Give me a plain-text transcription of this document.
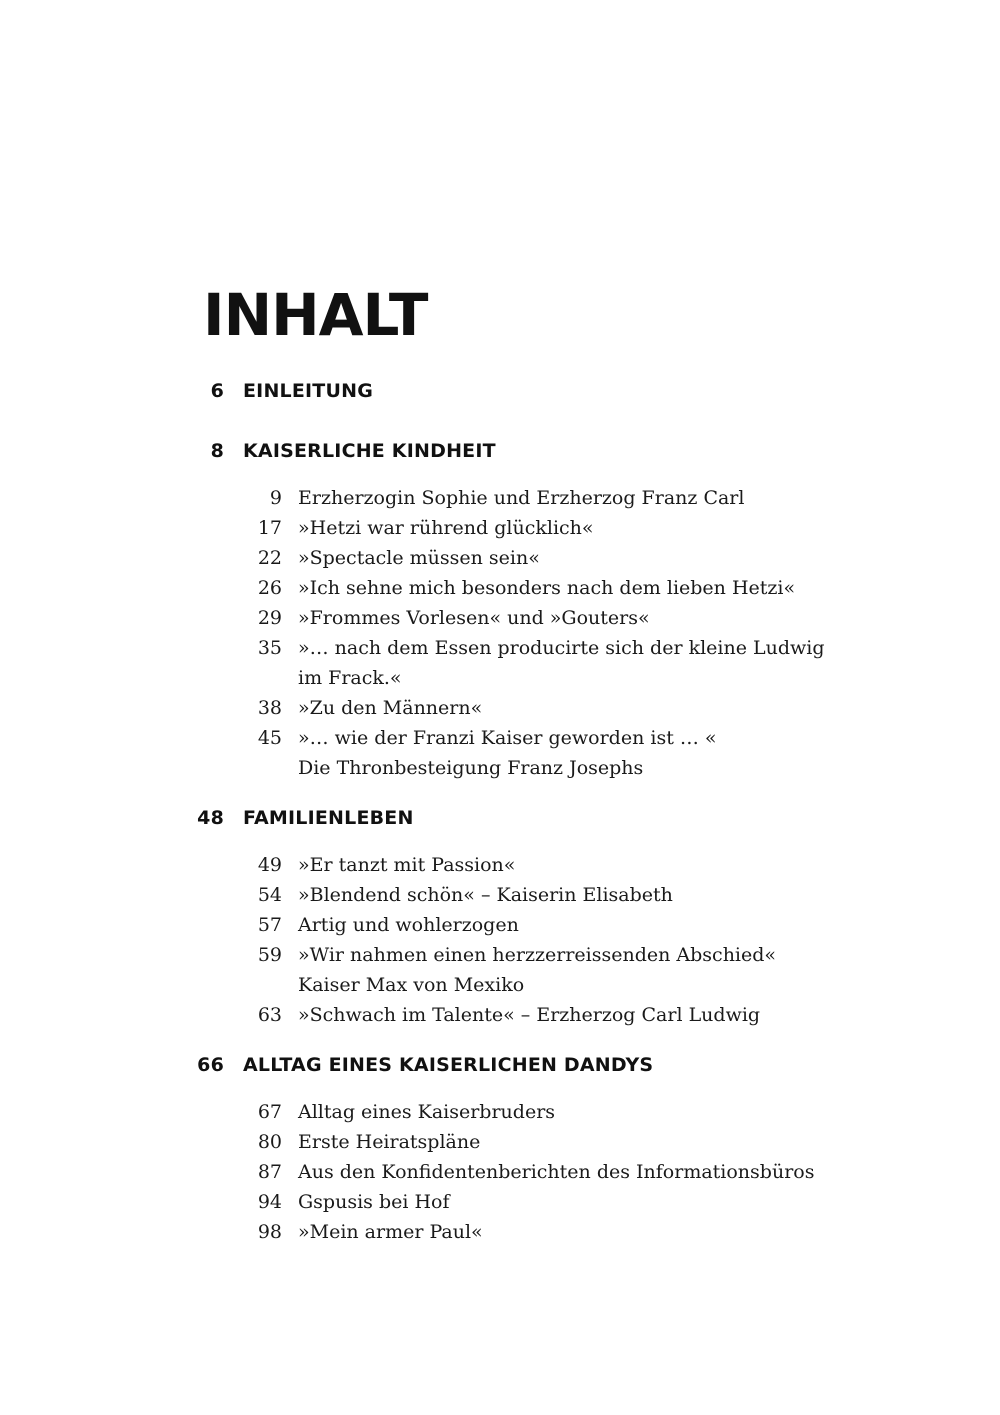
INHALT
6	EINLEITUNG
8	KAISERLICHE KINDHEIT
9 Erzherzogin Sophie und Erzherzog Franz Carl
17 »Hetzi war rührend glücklich«
22 »Spectacle müssen sein«
26 »Ich sehne mich besonders nach dem lieben Hetzi«
29 »Frommes Vorlesen« und »Gouters«
35 »… nach dem Essen producirte sich der kleine Ludwig
im Frack.«
38 »Zu den Männern«
45 »… wie der Franzi Kaiser geworden ist … «
Die Thronbesteigung Franz Josephs
48	FAMILIENLEBEN
49 »Er tanzt mit Passion«
54 »Blendend schön« – Kaiserin Elisabeth
57 Artig und wohlerzogen
59 »Wir nahmen einen herzzerreissenden Abschied«
Kaiser Max von Mexiko
63 »Schwach im Talente« – Erzherzog Carl Ludwig
66	ALLTAG EINES KAISERLICHEN DANDYS
67 Alltag eines Kaiserbruders
80 Erste Heiratspläne
87 Aus den Konfidentenberichten des Informationsbüros
94 Gspusis bei Hof
98 »Mein armer Paul«
